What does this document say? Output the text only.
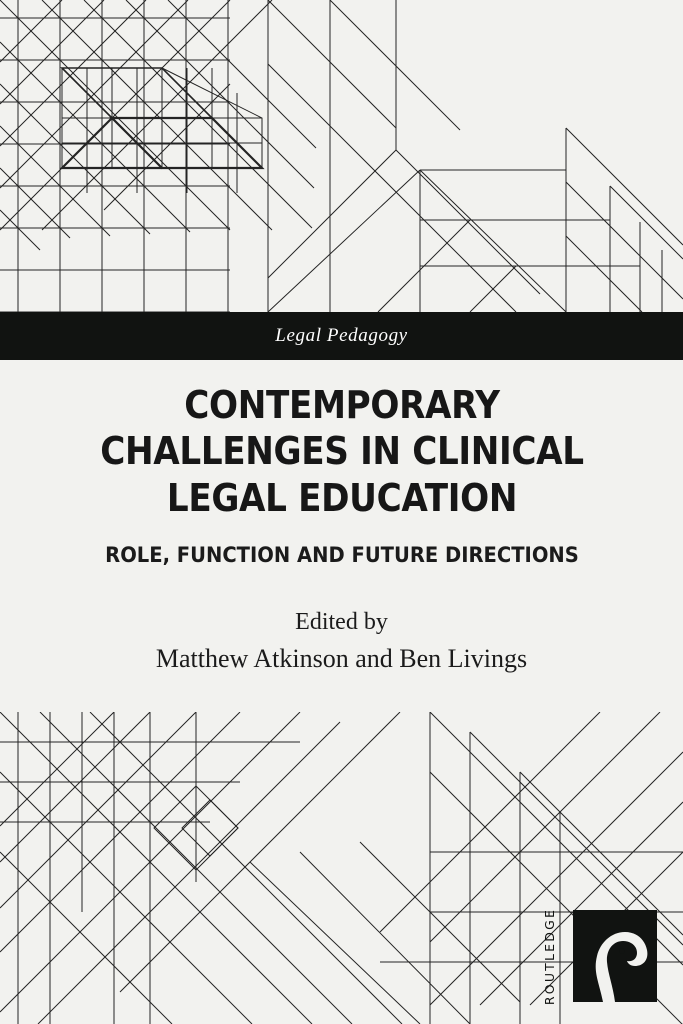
Legal Pedagogy
CONTEMPORARY
CHALLENGES IN CLINICAL
LEGAL EDUCATION
ROLE, FUNCTION AND FUTURE DIRECTIONS
Edited by
Matthew Atkinson and Ben Livings
ROUTLEDGE
